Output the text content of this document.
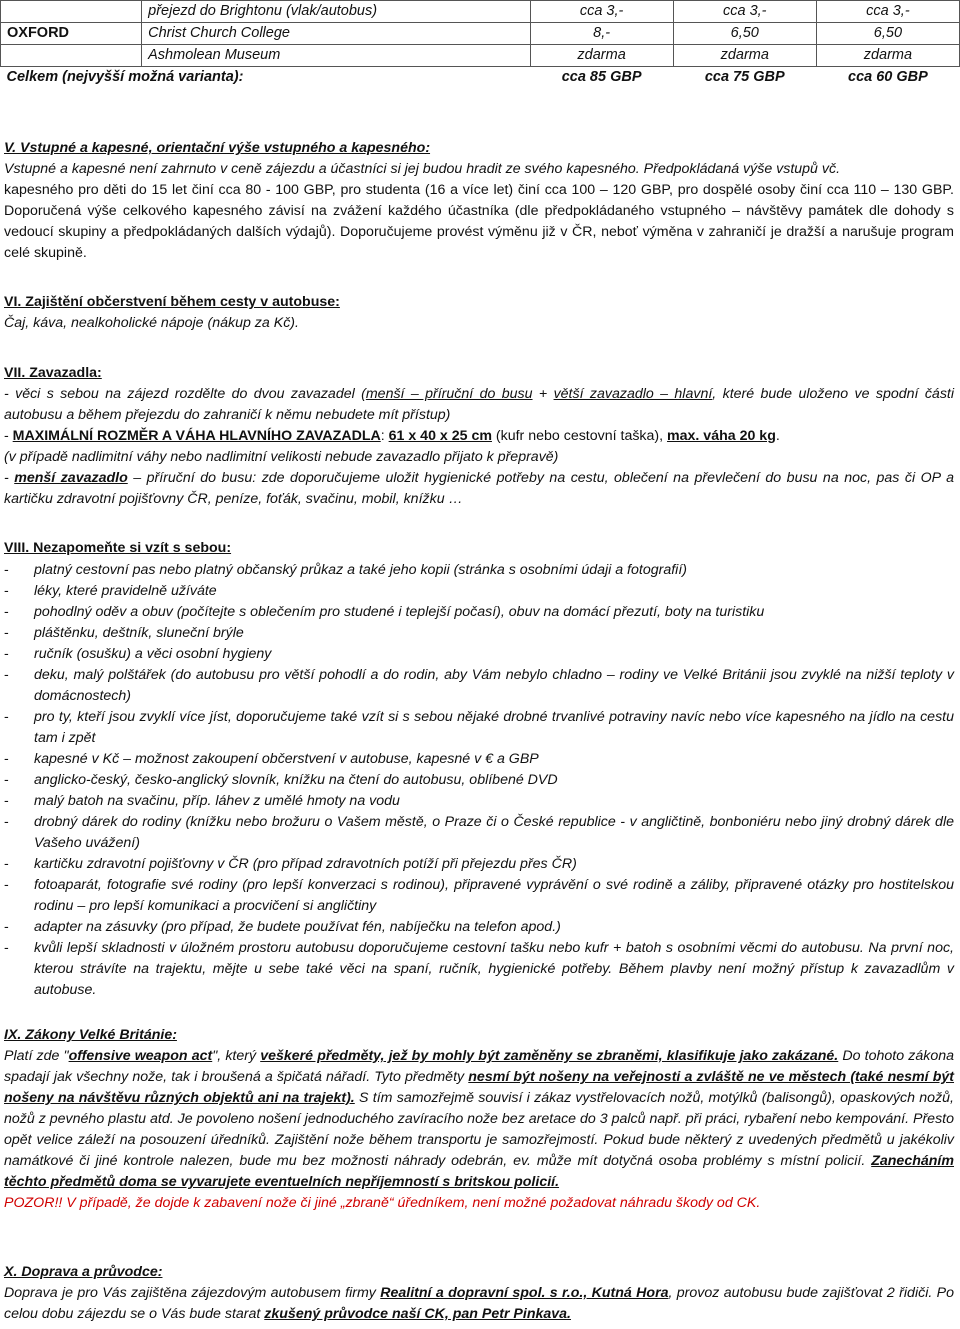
	přejezd do Brightonu (vlak/autobus)	cca 3,-	cca 3,-	cca 3,-
OXFORD	Christ Church College	8,-	6,50	6,50
	Ashmolean Museum	zdarma	zdarma	zdarma
Celkem (nejvyšší možná varianta):		cca 85 GBP	cca 75 GBP	cca 60 GBP

V. Vstupné a kapesné, orientační výše vstupného a kapesného:

Vstupné a kapesné není zahrnuto v ceně zájezdu a účastníci si jej budou hradit ze svého kapesného. Předpokládaná výše vstupů vč.

kapesného pro děti do 15 let činí cca 80 - 100 GBP, pro studenta (16 a více let) činí cca 100 – 120 GBP, pro dospělé osoby činí cca 110 – 130 GBP. Doporučená výše celkového kapesného závisí na zvážení každého účastníka (dle předpokládaného vstupného – návštěvy památek dle dohody s vedoucí skupiny a předpokládaných dalších výdajů). Doporučujeme provést výměnu již v ČR, neboť výměna v zahraničí je dražší a narušuje program celé skupině.

VI. Zajištění občerstvení během cesty v autobuse:

Čaj, káva, nealkoholické nápoje (nákup za Kč).

VII. Zavazadla:

- věci s sebou na zájezd rozdělte do dvou zavazadel (menší – příruční do busu + větší zavazadlo – hlavní, které bude uloženo ve spodní části autobusu a během přejezdu do zahraničí k němu nebudete mít přístup)

- MAXIMÁLNÍ ROZMĚR A VÁHA HLAVNÍHO ZAVAZADLA: 61 x 40 x 25 cm (kufr nebo cestovní taška), max. váha 20 kg.

(v případě nadlimitní váhy nebo nadlimitní velikosti nebude zavazadlo přijato k přepravě)

- menší zavazadlo – příruční do busu: zde doporučujeme uložit hygienické potřeby na cestu, oblečení na převlečení do busu na noc, pas či OP a kartičku zdravotní pojišťovny ČR, peníze, foťák, svačinu, mobil, knížku …

VIII. Nezapomeňte si vzít s sebou:

- platný cestovní pas nebo platný občanský průkaz a také jeho kopii (stránka s osobními údaji a fotografií)
- léky, které pravidelně užíváte
- pohodlný oděv a obuv (počítejte s oblečením pro studené i teplejší počasí), obuv na domácí přezutí, boty na turistiku
- pláštěnku, deštník, sluneční brýle
- ručník (osušku) a věci osobní hygieny
- deku, malý polštářek (do autobusu pro větší pohodlí a do rodin, aby Vám nebylo chladno – rodiny ve Velké Británii jsou zvyklé na nižší teploty v domácnostech)
- pro ty, kteří jsou zvyklí více jíst, doporučujeme také vzít si s sebou nějaké drobné trvanlivé potraviny navíc nebo více kapesného na jídlo na cestu tam i zpět
- kapesné v Kč – možnost zakoupení občerstvení v autobuse, kapesné v € a GBP
- anglicko-český, česko-anglický slovník, knížku na čtení do autobusu, oblíbené DVD
- malý batoh na svačinu, příp. láhev z umělé hmoty na vodu
- drobný dárek do rodiny (knížku nebo brožuru o Vašem městě, o Praze či o České republice - v angličtině, bonboniéru nebo jiný drobný dárek dle Vašeho uvážení)
- kartičku zdravotní pojišťovny v ČR (pro případ zdravotních potíží při přejezdu přes ČR)
- fotoaparát, fotografie své rodiny (pro lepší konverzaci s rodinou), připravené vyprávění o své rodině a záliby, připravené otázky pro hostitelskou rodinu – pro lepší komunikaci a procvičení si angličtiny
- adapter na zásuvky (pro případ, že budete používat fén, nabíječku na telefon apod.)
- kvůli lepší skladnosti v úložném prostoru autobusu doporučujeme cestovní tašku nebo kufr + batoh s osobními věcmi do autobusu. Na první noc, kterou strávíte na trajektu, mějte u sebe také věci na spaní, ručník, hygienické potřeby. Během plavby není možný přístup k zavazadlům v autobuse.

IX. Zákony Velké Británie:

Platí zde "offensive weapon act", který veškeré předměty, jež by mohly být zaměněny se zbraněmi, klasifikuje jako zakázané. Do tohoto zákona spadají jak všechny nože, tak i broušená a špičatá nářadí. Tyto předměty nesmí být nošeny na veřejnosti a zvláště ne ve městech (také nesmí být nošeny na návštěvu různých objektů ani na trajekt). S tím samozřejmě souvisí i zákaz vystřelovacích nožů, motýlků (balisongů), opaskových nožů, nožů z pevného plastu atd. Je povoleno nošení jednoduchého zavíracího nože bez aretace do 3 palců např. při práci, rybaření nebo kempování. Přesto opět velice záleží na posouzení úředníků. Zajištění nože během transportu je samozřejmostí. Pokud bude některý z uvedených předmětů u jakékoliv namátkové či jiné kontrole nalezen, bude mu bez možnosti náhrady odebrán, ev. může mít dotyčná osoba problémy s místní policií. Zanecháním těchto předmětů doma se vyvarujete eventuelních nepříjemností s britskou policií.

POZOR!! V případě, že dojde k zabavení nože či jiné „zbraně“ úředníkem, není možné požadovat náhradu škody od CK.

X. Doprava a průvodce:

Doprava je pro Vás zajištěna zájezdovým autobusem firmy Realitní a dopravní spol. s r.o., Kutná Hora, provoz autobusu bude zajišťovat 2 řidiči. Po celou dobu zájezdu se o Vás bude starat zkušený průvodce naší CK, pan Petr Pinkava.
